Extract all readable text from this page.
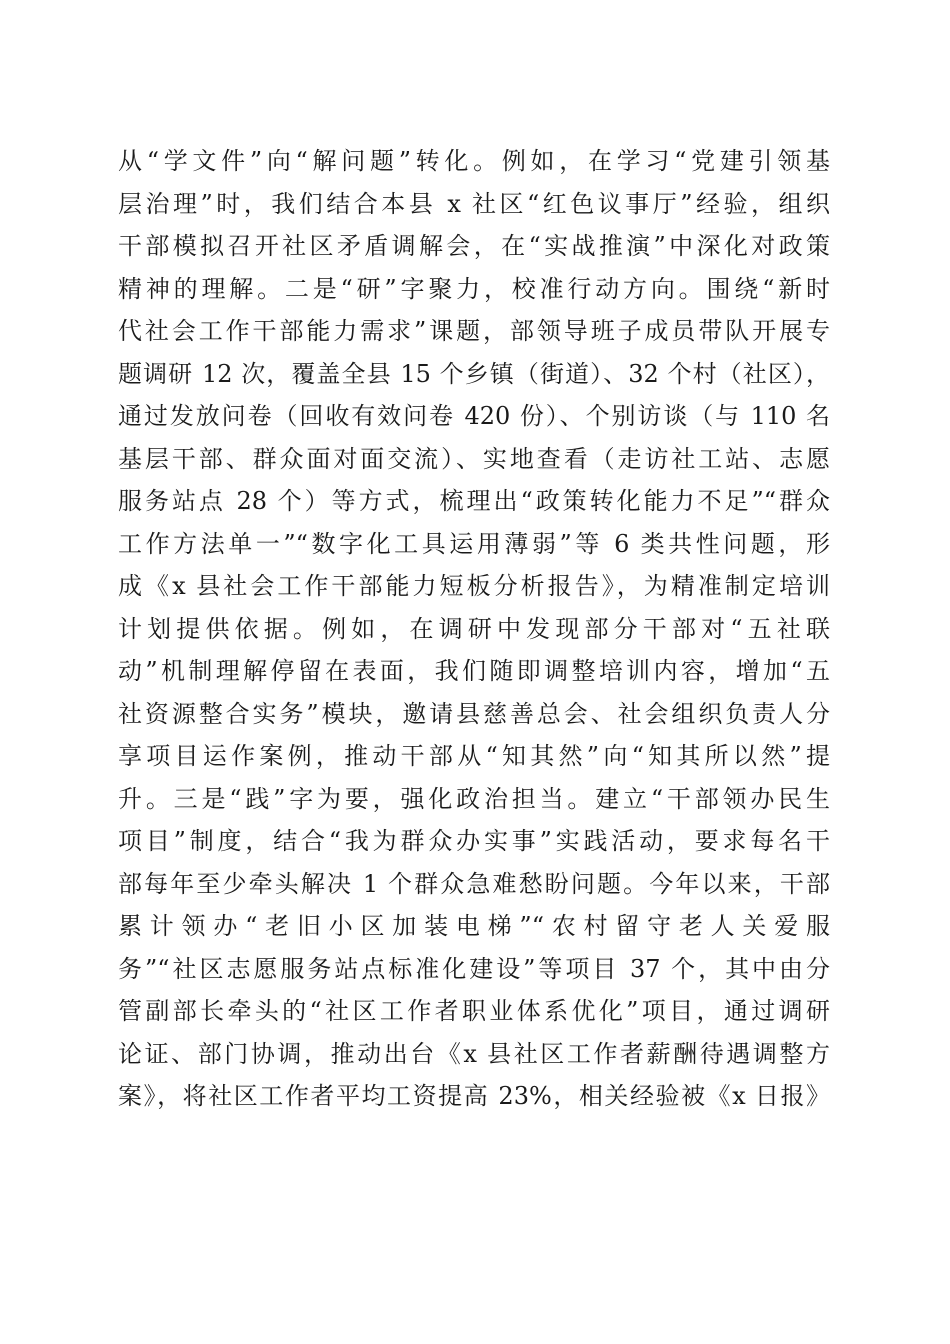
从“学文件”向“解问题”转化。例如，在学习“党建引领基
层治理”时，我们结合本县 x 社区“红色议事厅”经验，组织
干部模拟召开社区矛盾调解会，在“实战推演”中深化对政策
精神的理解。二是“研”字聚力，校准行动方向。围绕“新时
代社会工作干部能力需求”课题，部领导班子成员带队开展专
题调研 12 次，覆盖全县 15 个乡镇（街道）、32 个村（社区），
通过发放问卷（回收有效问卷 420 份）、个别访谈（与 110 名
基层干部、群众面对面交流）、实地查看（走访社工站、志愿
服务站点 28 个）等方式，梳理出“政策转化能力不足”“群众
工作方法单一”“数字化工具运用薄弱”等 6 类共性问题，形
成《x 县社会工作干部能力短板分析报告》，为精准制定培训
计划提供依据。例如，在调研中发现部分干部对“五社联
动”机制理解停留在表面，我们随即调整培训内容，增加“五
社资源整合实务”模块，邀请县慈善总会、社会组织负责人分
享项目运作案例，推动干部从“知其然”向“知其所以然”提
升。三是“践”字为要，强化政治担当。建立“干部领办民生
项目”制度，结合“我为群众办实事”实践活动，要求每名干
部每年至少牵头解决 1 个群众急难愁盼问题。今年以来，干部
累计领办“老旧小区加装电梯”“农村留守老人关爱服
务”“社区志愿服务站点标准化建设”等项目 37 个，其中由分
管副部长牵头的“社区工作者职业体系优化”项目，通过调研
论证、部门协调，推动出台《x 县社区工作者薪酬待遇调整方
案》，将社区工作者平均工资提高 23%，相关经验被《x 日报》
